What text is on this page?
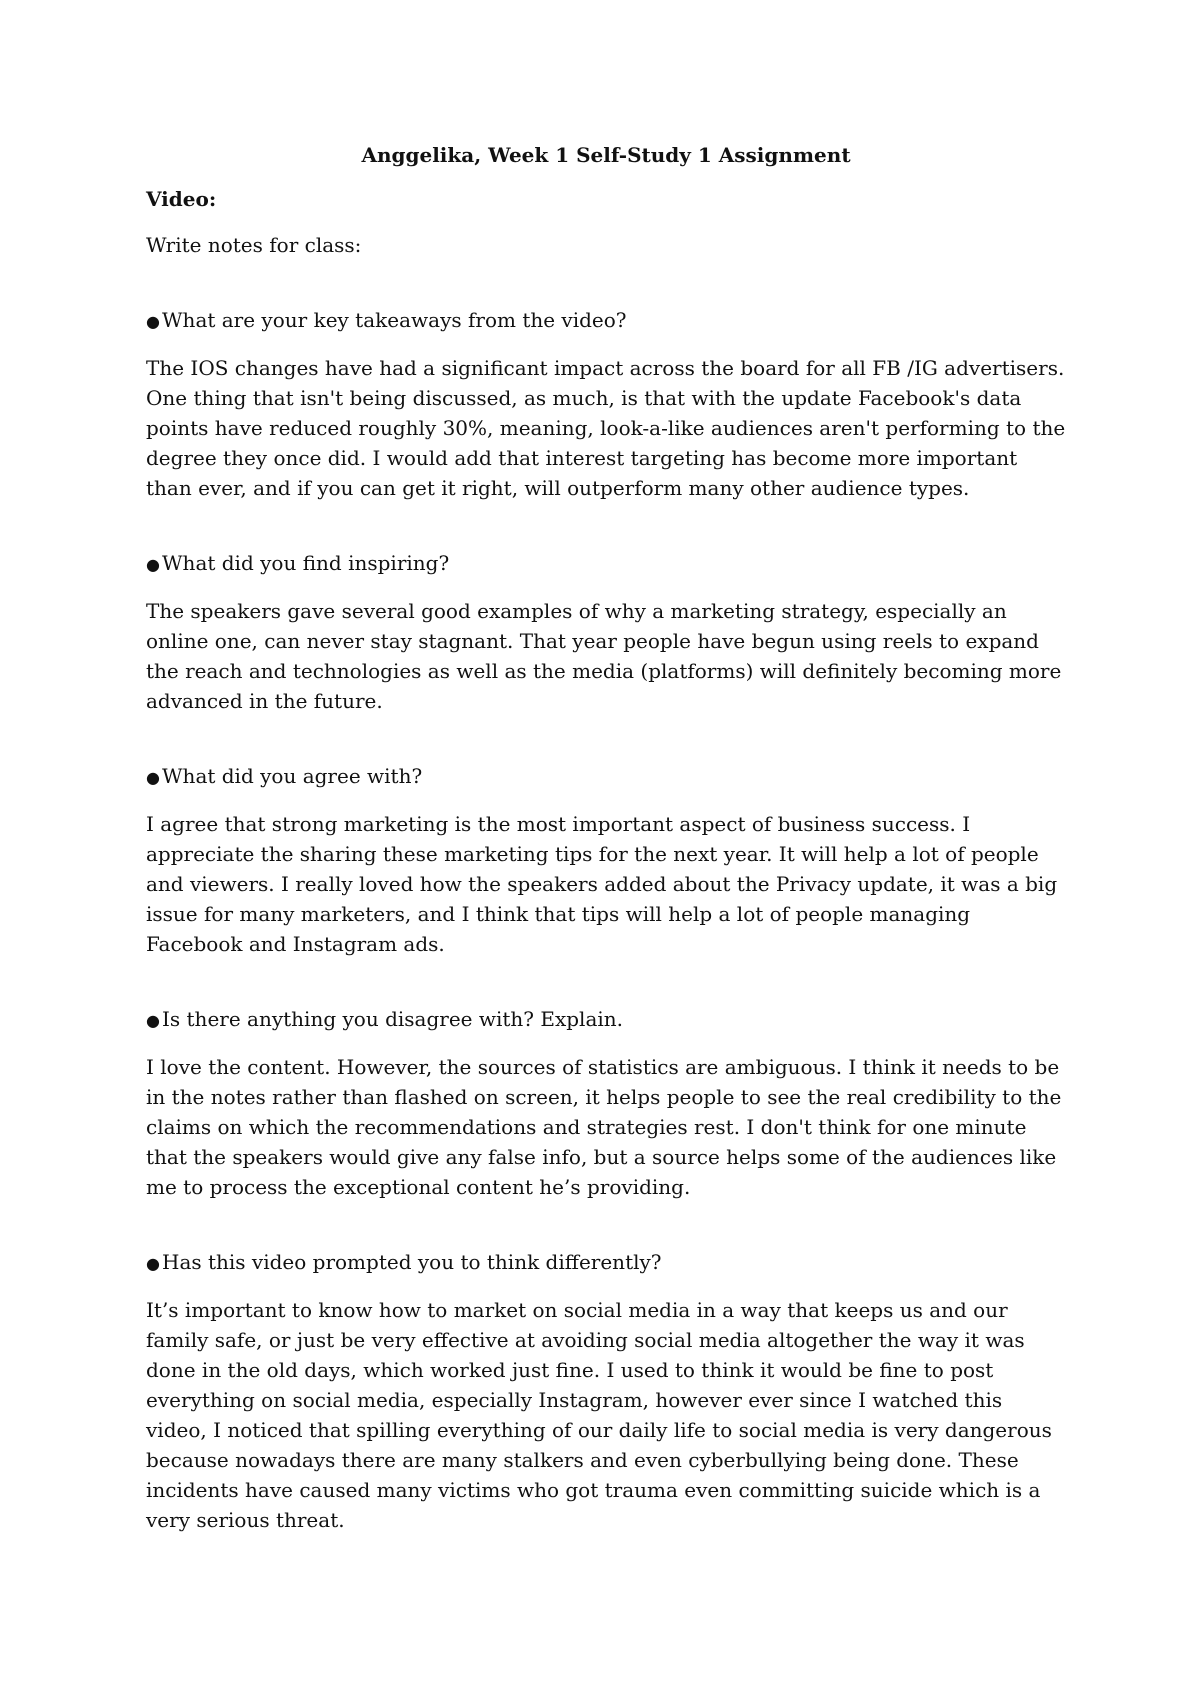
Anggelika, Week 1 Self-Study 1 Assignment
Video:
Write notes for class:
● What are your key takeaways from the video?

The IOS changes have had a significant impact across the board for all FB /IG advertisers. One thing that isn't being discussed, as much, is that with the update Facebook's data points have reduced roughly 30%, meaning, look-a-like audiences aren't performing to the degree they once did. I would add that interest targeting has become more important than ever, and if you can get it right, will outperform many other audience types.

● What did you find inspiring?

The speakers gave several good examples of why a marketing strategy, especially an online one, can never stay stagnant. That year people have begun using reels to expand the reach and technologies as well as the media (platforms) will definitely becoming more advanced in the future.

● What did you agree with?

I agree that strong marketing is the most important aspect of business success. I appreciate the sharing these marketing tips for the next year. It will help a lot of people and viewers. I really loved how the speakers added about the Privacy update, it was a big issue for many marketers, and I think that tips will help a lot of people managing Facebook and Instagram ads.

● Is there anything you disagree with? Explain.

I love the content. However, the sources of statistics are ambiguous. I think it needs to be in the notes rather than flashed on screen, it helps people to see the real credibility to the claims on which the recommendations and strategies rest. I don't think for one minute that the speakers would give any false info, but a source helps some of the audiences like me to process the exceptional content he’s providing.

● Has this video prompted you to think differently?

It’s important to know how to market on social media in a way that keeps us and our family safe, or just be very effective at avoiding social media altogether the way it was done in the old days, which worked just fine. I used to think it would be fine to post everything on social media, especially Instagram, however ever since I watched this video, I noticed that spilling everything of our daily life to social media is very dangerous because nowadays there are many stalkers and even cyberbullying being done. These incidents have caused many victims who got trauma even committing suicide which is a very serious threat.
